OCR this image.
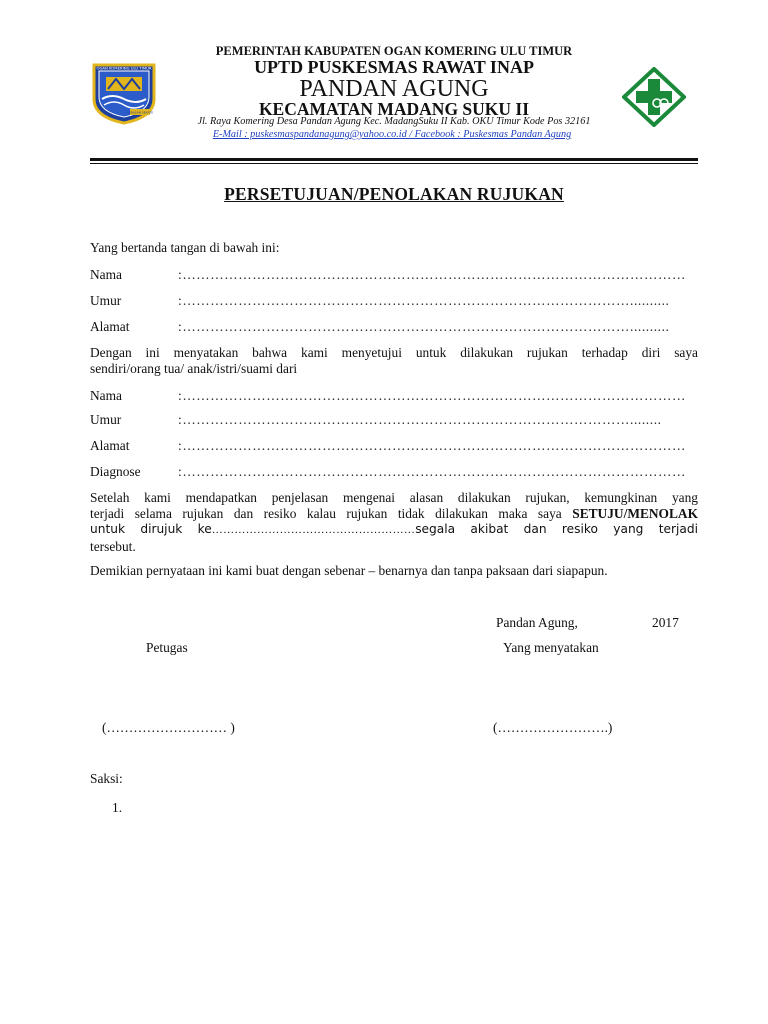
OGAN KOMERING ULU TIMUR
SERASAN SEKATE
PEMERINTAH KABUPATEN OGAN KOMERING ULU TIMUR
UPTD PUSKESMAS RAWAT INAP
PANDAN AGUNG
KECAMATAN MADANG SUKU II
Jl. Raya Komering Desa Pandan Agung Kec. MadangSuku II Kab. OKU Timur Kode Pos 32161
E-Mail : puskesmaspandanagung@yahoo.co.id / Facebook : Puskesmas Pandan Agung
PERSETUJUAN/PENOLAKAN RUJUKAN
Yang bertanda tangan di bawah ini:
Nama	:………………………………………………………………………………………………
Umur	:……………………………………………………………………………………..........
Alamat	:……………………………………………………………………………………..........
Dengan ini menyatakan bahwa kami menyetujui untuk dilakukan rujukan terhadap diri saya
sendiri/orang tua/ anak/istri/suami dari
Nama	:………………………………………………………………………………………………
Umur	:……………………………………………………………………………………........
Alamat	:………………………………………………………………………………………………
Diagnose	:………………………………………………………………………………………………
Setelah kami mendapatkan penjelasan mengenai alasan dilakukan rujukan, kemungkinan yang
terjadi selama rujukan dan resiko kalau rujukan tidak dilakukan maka saya SETUJU/MENOLAK
untuk dirujuk ke………………………………………………segala akibat dan resiko yang terjadi
tersebut.
Demikian pernyataan ini kami buat dengan sebenar – benarnya dan tanpa paksaan dari siapapun.
Pandan Agung,	2017
Petugas	Yang menyatakan
(……………………… )	(…………………….)
Saksi:
1.
